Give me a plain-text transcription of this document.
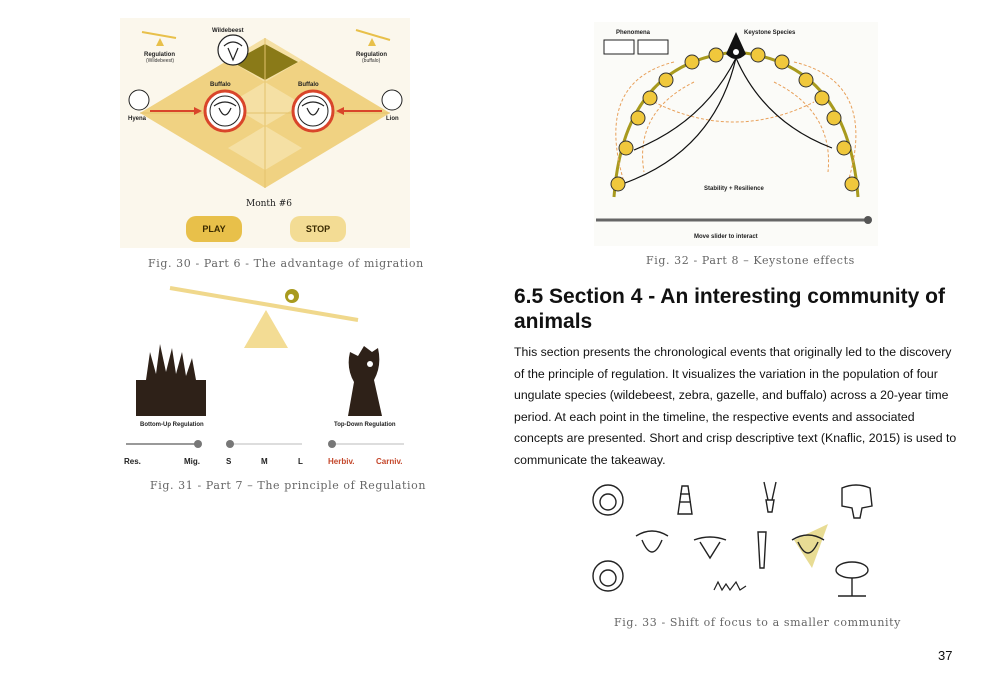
Regulation
(Wildebeest)
Regulation
(buffalo)
Wildebeest
Buffalo	Buffalo
Hyena	Lion
Month #6
PLAY	STOP
Fig. 30 - Part 6 - The advantage of migration
Bottom-Up Regulation	Top-Down Regulation
Res.	Mig.	S	M	L	Herbiv.	Carniv.
Fig. 31 - Part 7 – The principle of Regulation
Phenomena	Keystone Species
Stability + Resilience
Move slider to interact
Fig. 32 - Part 8 – Keystone effects
6.5 Section 4 - An interesting community of animals
This section presents the chronological events that originally led to the discovery of the principle of regulation. It visualizes the variation in the population of four ungulate species (wildebeest, zebra, gazelle, and buffalo) across a 20-year time period. At each point in the timeline, the respective events and associated concepts are presented. Short and crisp descriptive text (Knaflic, 2015) is used to communicate the takeaway.
Fig. 33 - Shift of focus to a smaller community
37
